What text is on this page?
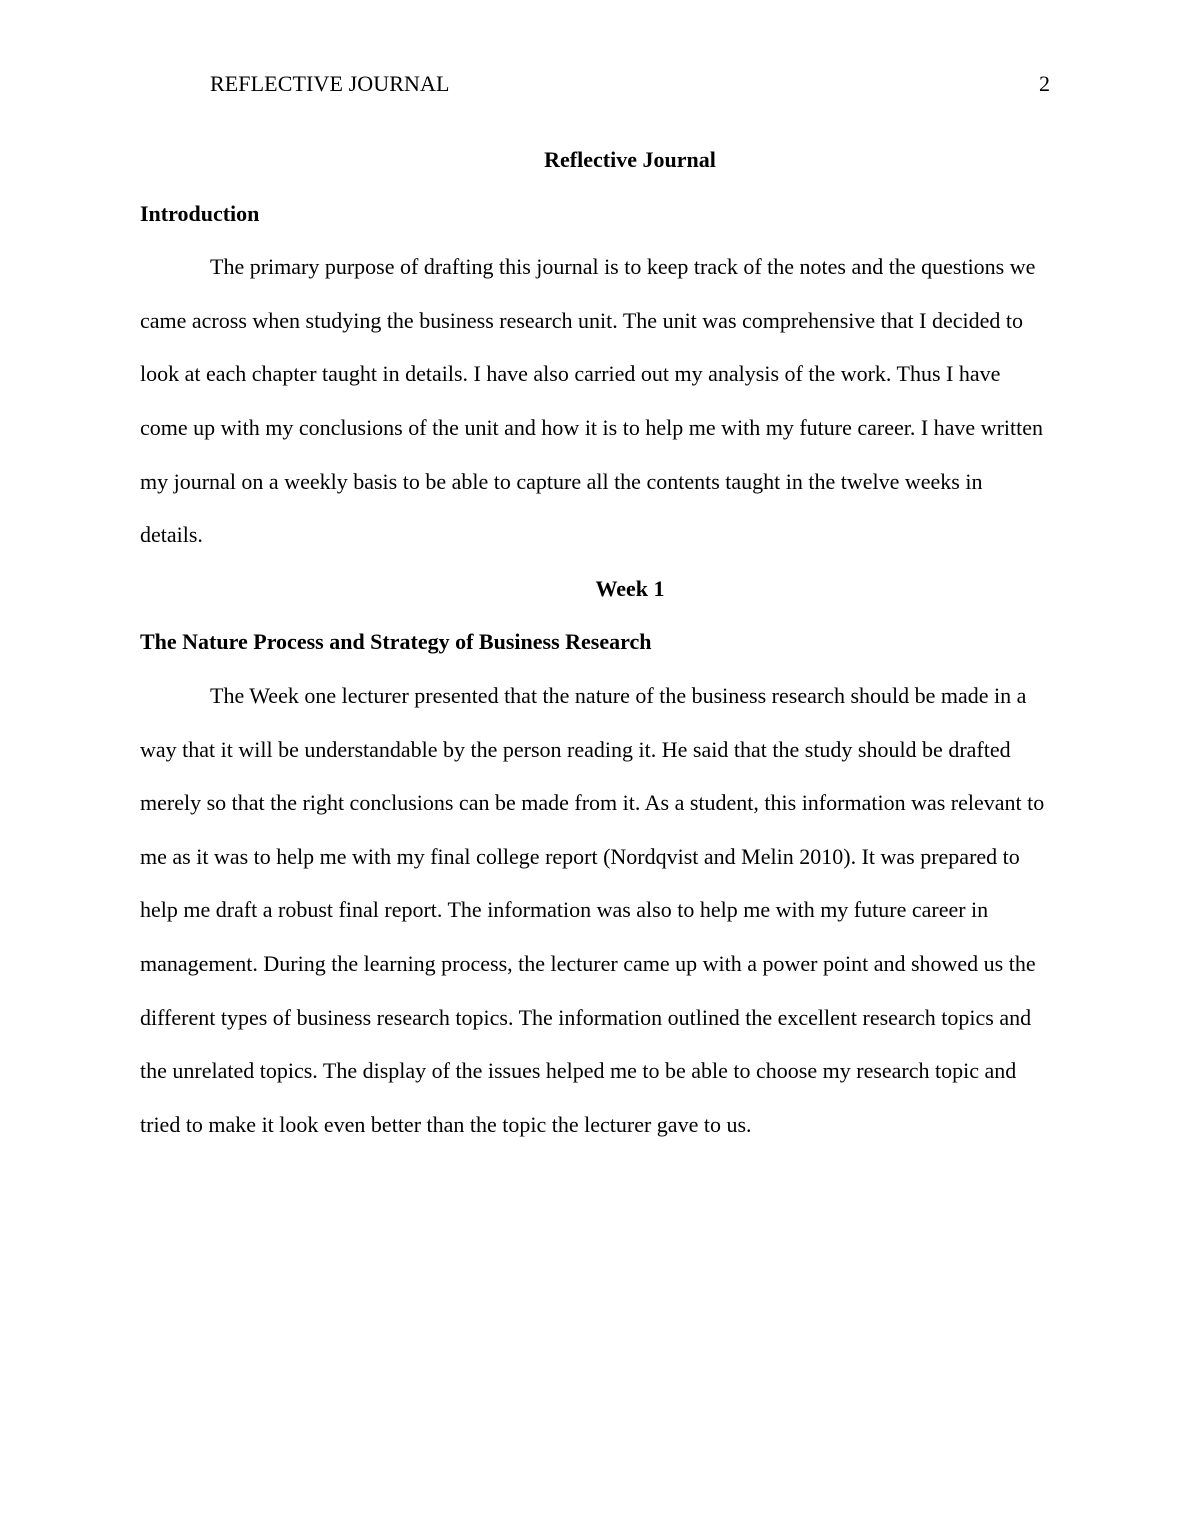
REFLECTIVE JOURNAL	2

Reflective Journal

Introduction

The primary purpose of drafting this journal is to keep track of the notes and the questions we came across when studying the business research unit. The unit was comprehensive that I decided to look at each chapter taught in details. I have also carried out my analysis of the work. Thus I have come up with my conclusions of the unit and how it is to help me with my future career. I have written my journal on a weekly basis to be able to capture all the contents taught in the twelve weeks in details.

Week 1

The Nature Process and Strategy of Business Research

The Week one lecturer presented that the nature of the business research should be made in a way that it will be understandable by the person reading it. He said that the study should be drafted merely so that the right conclusions can be made from it. As a student, this information was relevant to me as it was to help me with my final college report (Nordqvist and Melin 2010). It was prepared to help me draft a robust final report. The information was also to help me with my future career in management. During the learning process, the lecturer came up with a power point and showed us the different types of business research topics. The information outlined the excellent research topics and the unrelated topics. The display of the issues helped me to be able to choose my research topic and tried to make it look even better than the topic the lecturer gave to us.
